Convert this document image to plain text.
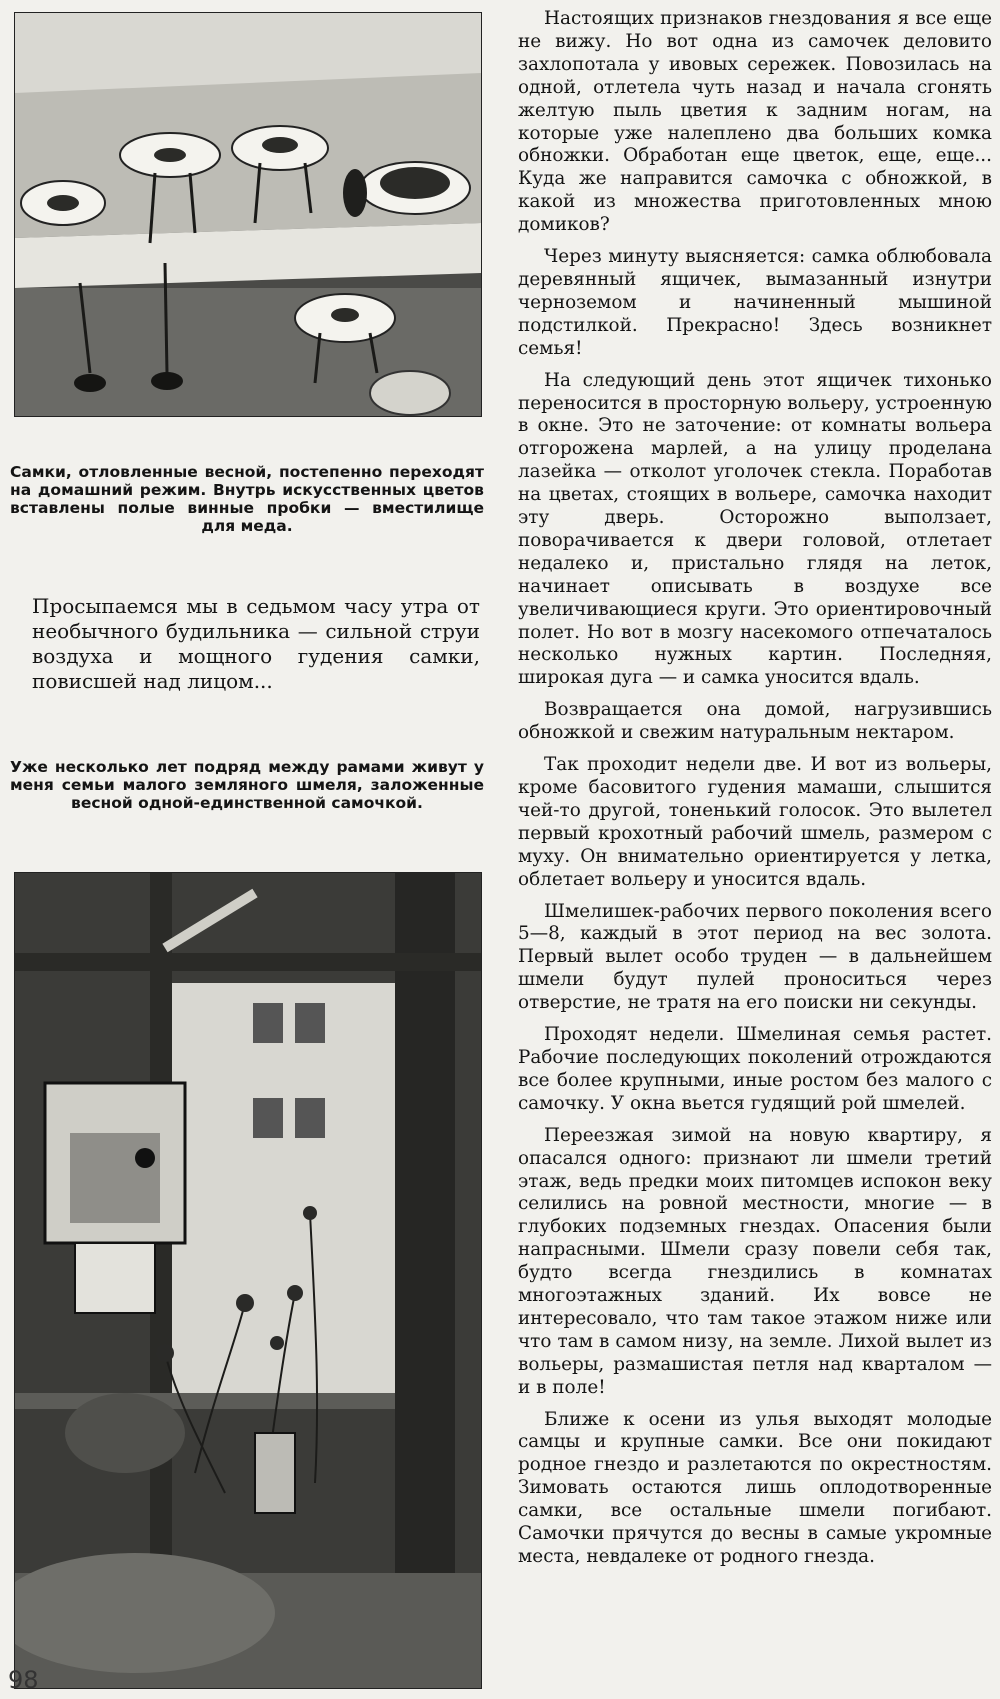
Самки, отловленные весной, постепенно переходят на домашний режим. Внутрь искусственных цветов вставлены полые винные пробки — вместилище для меда.

Просыпаемся мы в седьмом часу утра от необычного будильника — сильной струи воздуха и мощного гудения самки, повисшей над лицом...

Уже несколько лет подряд между рамами живут у меня семьи малого земляного шмеля, заложенные весной одной-единственной самочкой.

Настоящих признаков гнездования я все еще не вижу. Но вот одна из самочек деловито захлопотала у ивовых сережек. Повозилась на одной, отлетела чуть назад и начала сгонять желтую пыль цветия к задним ногам, на которые уже налеплено два больших комка обножки. Обработан еще цветок, еще, еще... Куда же направится самочка с обножкой, в какой из множества приготовленных мною домиков?

Через минуту выясняется: самка облюбовала деревянный ящичек, вымазанный изнутри черноземом и начиненный мышиной подстилкой. Прекрасно! Здесь возникнет семья!

На следующий день этот ящичек тихонько переносится в просторную вольеру, устроенную в окне. Это не заточение: от комнаты вольера отгорожена марлей, а на улицу проделана лазейка — отколот уголочек стекла. Поработав на цветах, стоящих в вольере, самочка находит эту дверь. Осторожно выползает, поворачивается к двери головой, отлетает недалеко и, пристально глядя на леток, начинает описывать в воздухе все увеличивающиеся круги. Это ориентировочный полет. Но вот в мозгу насекомого отпечаталось несколько нужных картин. Последняя, широкая дуга — и самка уносится вдаль.

Возвращается она домой, нагрузившись обножкой и свежим натуральным нектаром.

Так проходит недели две. И вот из вольеры, кроме басовитого гудения мамаши, слышится чей-то другой, тоненький голосок. Это вылетел первый крохотный рабочий шмель, размером с муху. Он внимательно ориентируется у летка, облетает вольеру и уносится вдаль.

Шмелишек-рабочих первого поколения всего 5—8, каждый в этот период на вес золота. Первый вылет особо труден — в дальнейшем шмели будут пулей проноситься через отверстие, не тратя на его поиски ни секунды.

Проходят недели. Шмелиная семья растет. Рабочие последующих поколений отрождаются все более крупными, иные ростом без малого с самочку. У окна вьется гудящий рой шмелей.

Переезжая зимой на новую квартиру, я опасался одного: признают ли шмели третий этаж, ведь предки моих питомцев испокон веку селились на ровной местности, многие — в глубоких подземных гнездах. Опасения были напрасными. Шмели сразу повели себя так, будто всегда гнездились в комнатах многоэтажных зданий. Их вовсе не интересовало, что там такое этажом ниже или что там в самом низу, на земле. Лихой вылет из вольеры, размашистая петля над кварталом — и в поле!

Ближе к осени из улья выходят молодые самцы и крупные самки. Все они покидают родное гнездо и разлетаются по окрестностям. Зимовать остаются лишь оплодотворенные самки, все остальные шмели погибают. Самочки прячутся до весны в самые укромные места, невдалеке от родного гнезда.

98
